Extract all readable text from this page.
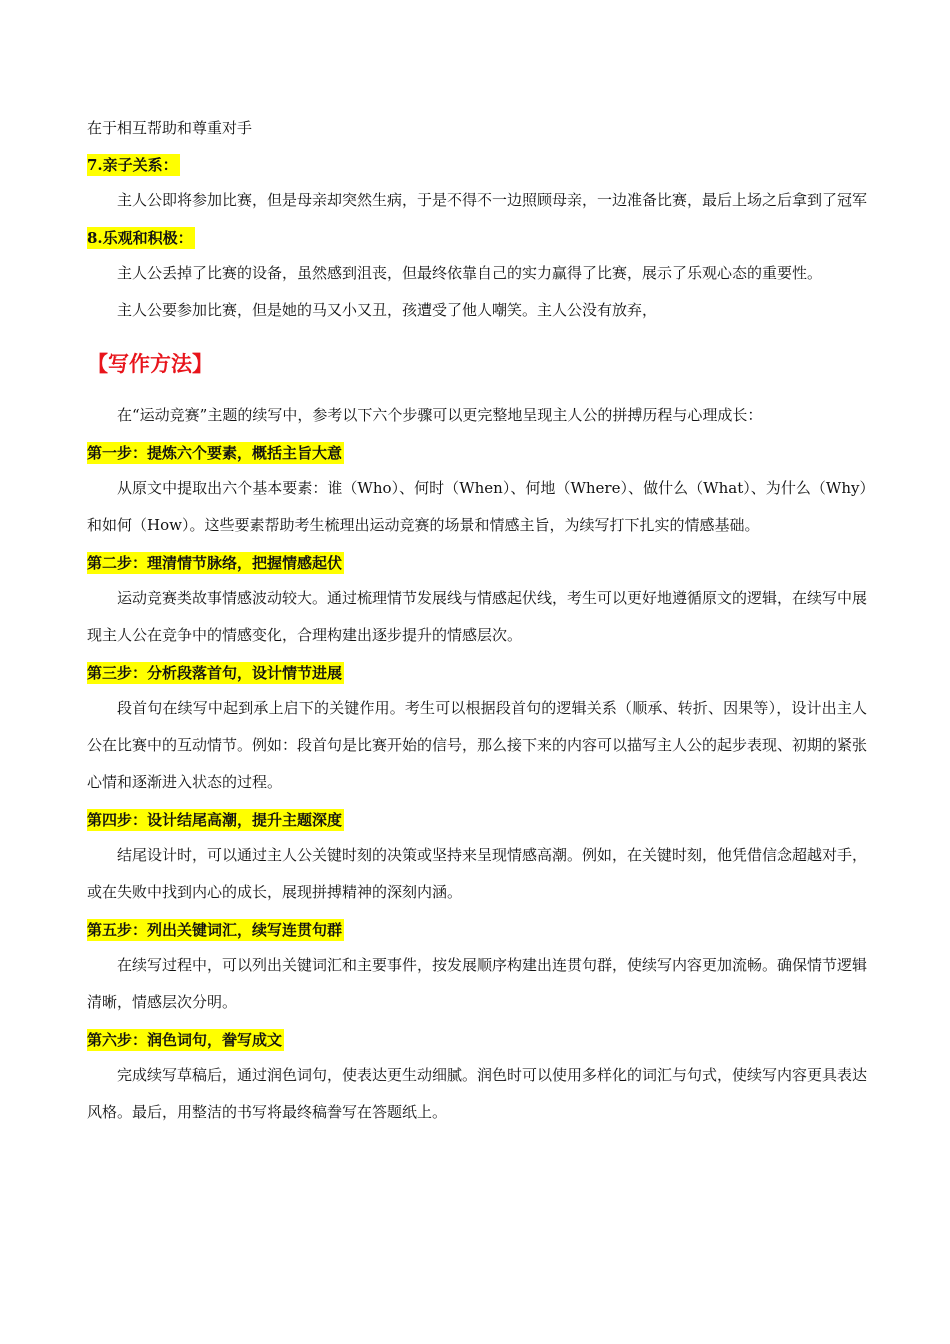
在于相互帮助和尊重对手

7.亲子关系：

主人公即将参加比赛，但是母亲却突然生病，于是不得不一边照顾母亲，一边准备比赛，最后上场之后拿到了冠军

8.乐观和积极：

主人公丢掉了比赛的设备，虽然感到沮丧，但最终依靠自己的实力赢得了比赛，展示了乐观心态的重要性。

主人公要参加比赛，但是她的马又小又丑，孩遭受了他人嘲笑。主人公没有放弃，

【写作方法】

在“运动竞赛”主题的续写中，参考以下六个步骤可以更完整地呈现主人公的拼搏历程与心理成长：

第一步：提炼六个要素，概括主旨大意

从原文中提取出六个基本要素：谁（Who）、何时（When）、何地（Where）、做什么（What）、为什么（Why）和如何（How）。这些要素帮助考生梳理出运动竞赛的场景和情感主旨，为续写打下扎实的情感基础。

第二步：理清情节脉络，把握情感起伏

运动竞赛类故事情感波动较大。通过梳理情节发展线与情感起伏线，考生可以更好地遵循原文的逻辑，在续写中展现主人公在竞争中的情感变化，合理构建出逐步提升的情感层次。

第三步：分析段落首句，设计情节进展

段首句在续写中起到承上启下的关键作用。考生可以根据段首句的逻辑关系（顺承、转折、因果等），设计出主人公在比赛中的互动情节。例如：段首句是比赛开始的信号，那么接下来的内容可以描写主人公的起步表现、初期的紧张心情和逐渐进入状态的过程。

第四步：设计结尾高潮，提升主题深度

结尾设计时，可以通过主人公关键时刻的决策或坚持来呈现情感高潮。例如，在关键时刻，他凭借信念超越对手，或在失败中找到内心的成长，展现拼搏精神的深刻内涵。

第五步：列出关键词汇，续写连贯句群

在续写过程中，可以列出关键词汇和主要事件，按发展顺序构建出连贯句群，使续写内容更加流畅。确保情节逻辑清晰，情感层次分明。

第六步：润色词句，誊写成文

完成续写草稿后，通过润色词句，使表达更生动细腻。润色时可以使用多样化的词汇与句式，使续写内容更具表达风格。最后，用整洁的书写将最终稿誊写在答题纸上。
